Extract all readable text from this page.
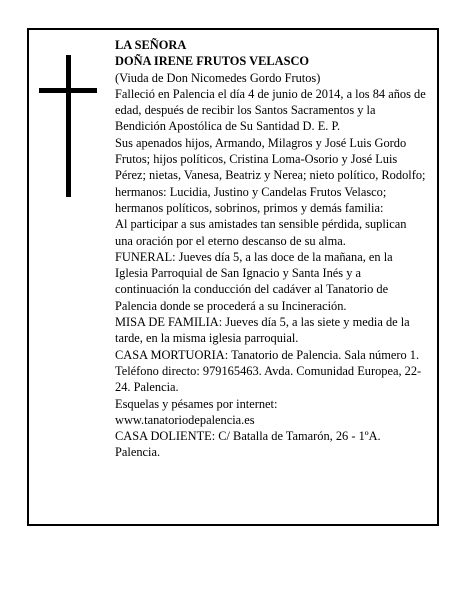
LA SEÑORA

DOÑA IRENE FRUTOS VELASCO

(Viuda de Don Nicomedes Gordo Frutos)

Falleció en Palencia el día 4 de junio de 2014, a los 84 años de edad, después de recibir los Santos Sacramentos y la Bendición Apostólica de Su Santidad D. E. P.

Sus apenados hijos, Armando, Milagros y José Luis Gordo Frutos; hijos políticos, Cristina Loma-Osorio y José Luis Pérez; nietas, Vanesa, Beatriz y Nerea; nieto político, Rodolfo; hermanos: Lucidia, Justino y Candelas Frutos Velasco; hermanos políticos, sobrinos, primos y demás familia:

Al participar a sus amistades tan sensible pérdida, suplican una oración por el eterno descanso de su alma.

FUNERAL: Jueves día 5, a las doce de la mañana, en la Iglesia Parroquial de San Ignacio y Santa Inés y a continuación la conducción del cadáver al Tanatorio de Palencia donde se procederá a su Incineración.

MISA DE FAMILIA: Jueves día 5, a las siete y media de la tarde, en la misma iglesia parroquial.

CASA MORTUORIA: Tanatorio de Palencia. Sala número 1. Teléfono directo: 979165463. Avda. Comunidad Europea, 22-24. Palencia.

Esquelas y pésames por internet:

www.tanatoriodepalencia.es

CASA DOLIENTE: C/ Batalla de Tamarón, 26 - 1ºA. Palencia.
